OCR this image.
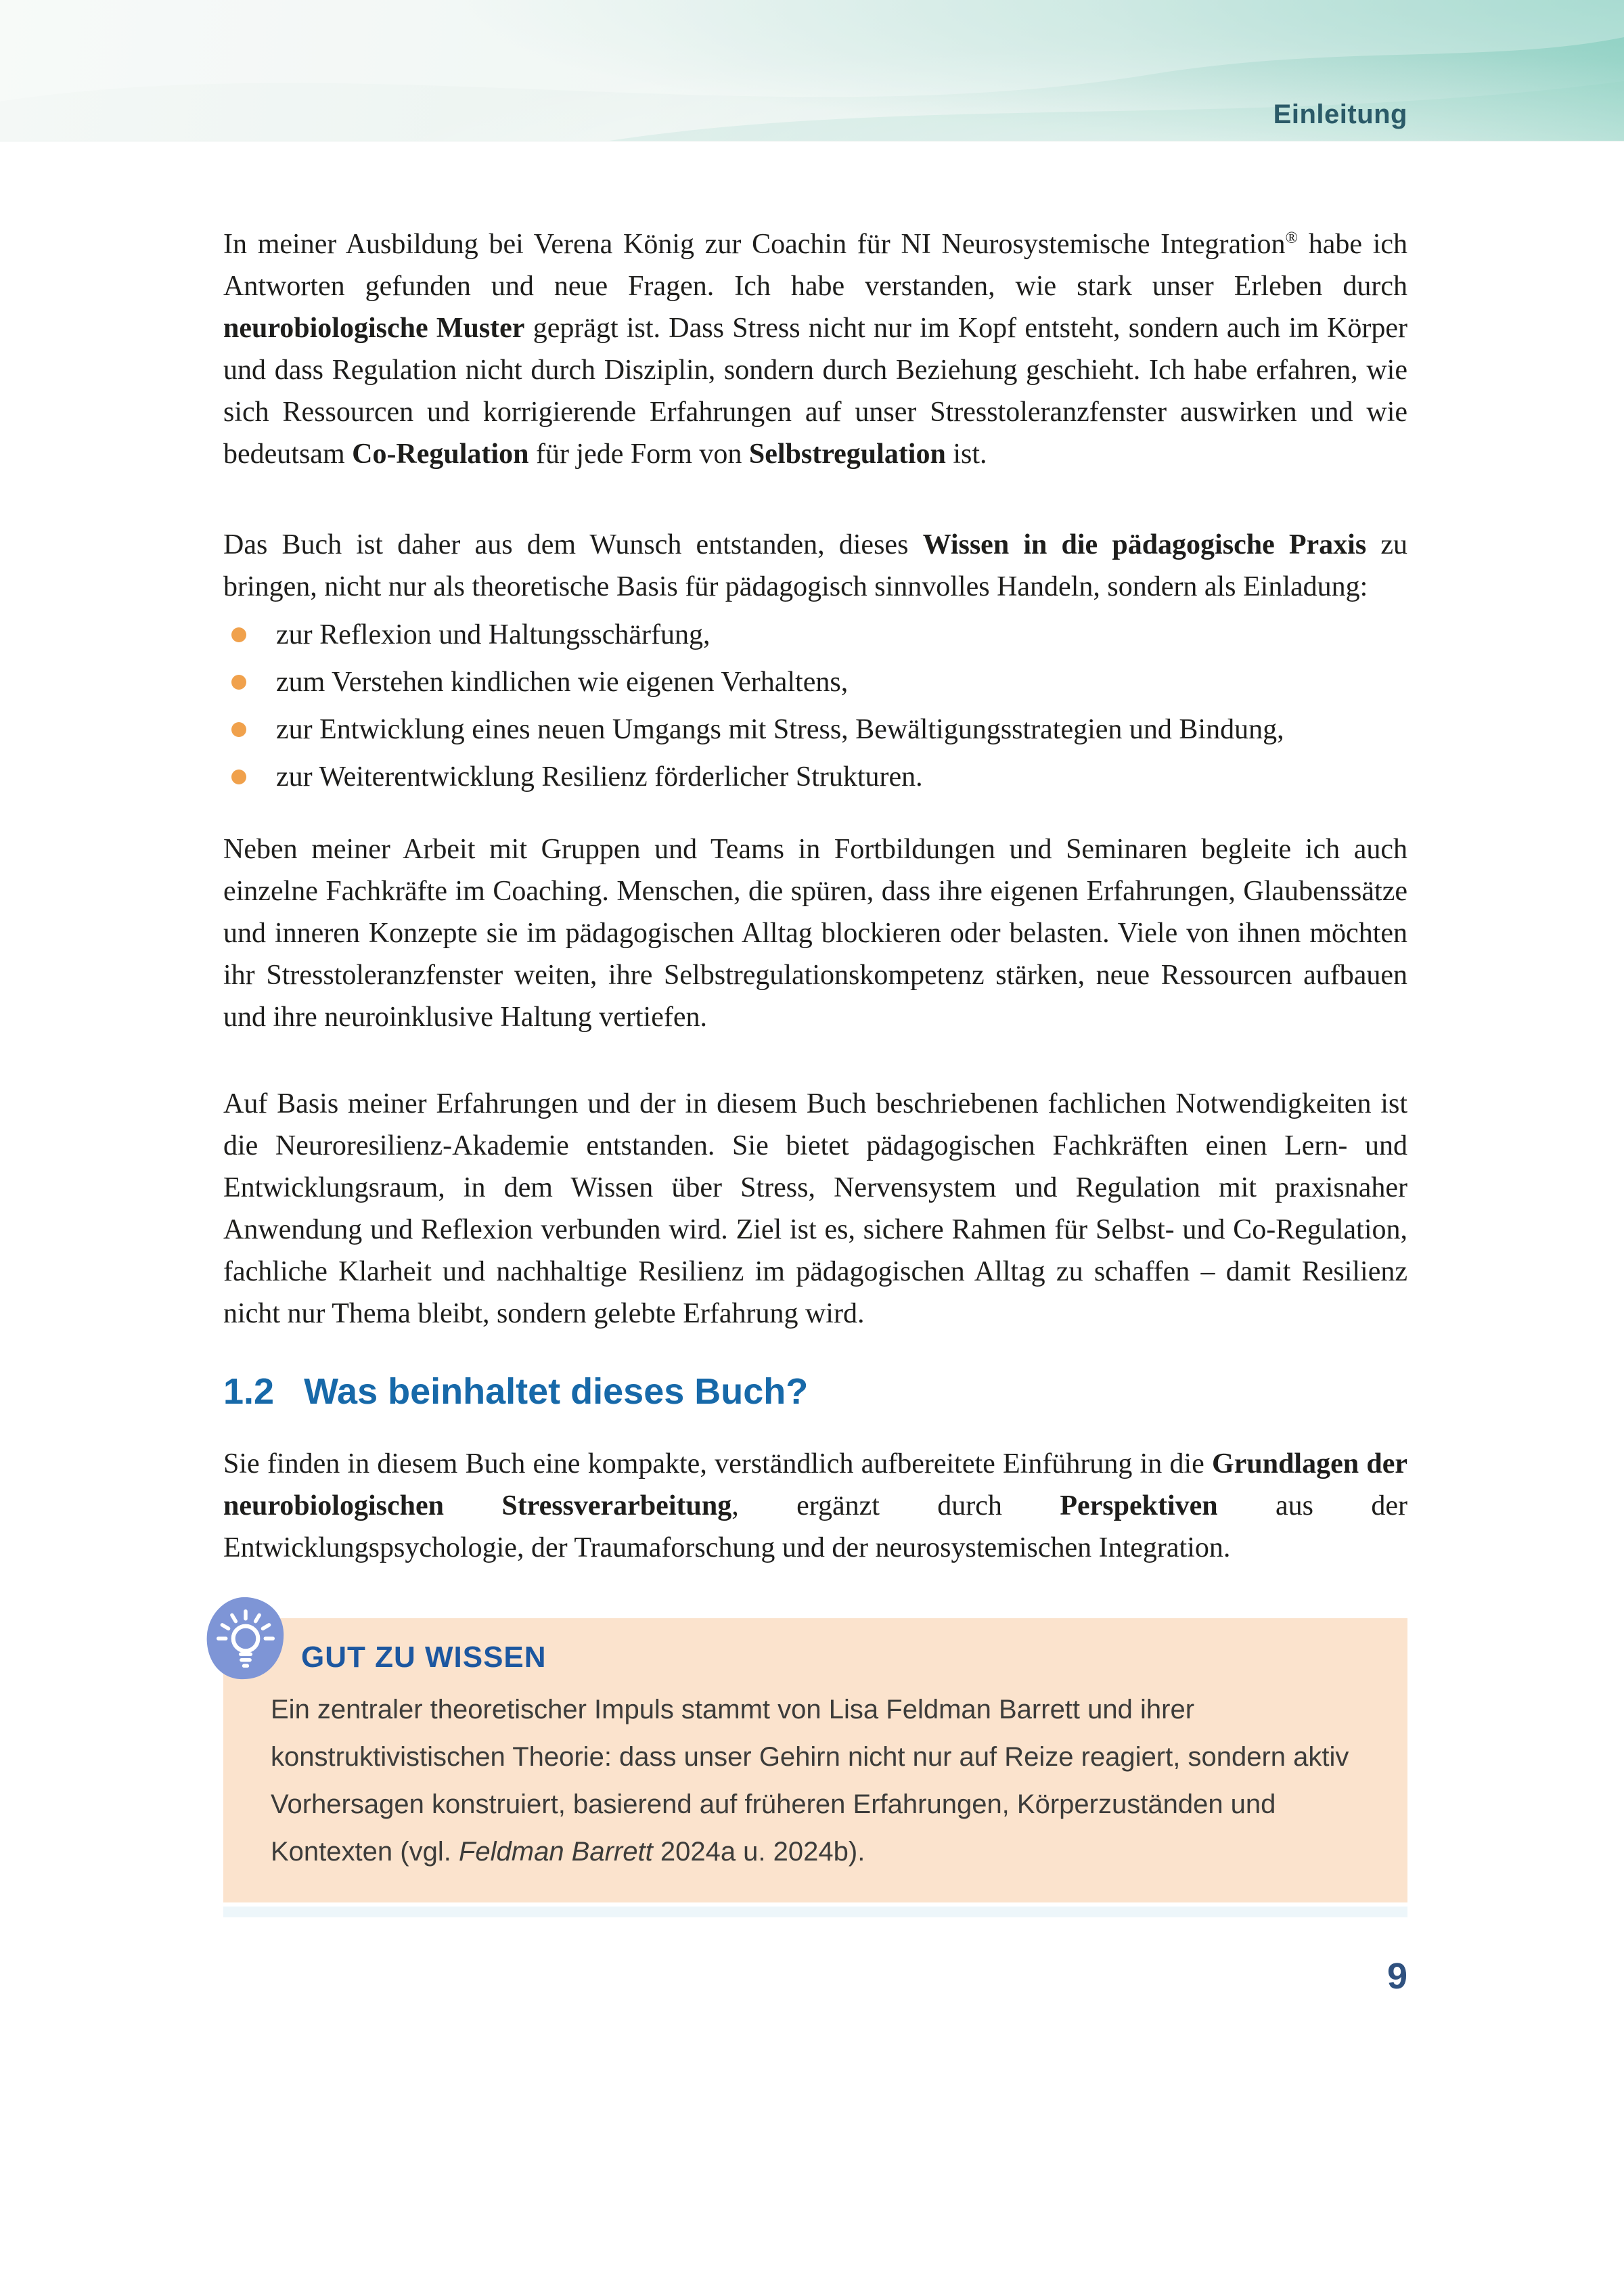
Einleitung

In meiner Ausbildung bei Verena König zur Coachin für NI Neurosystemische Integration® habe ich Antworten gefunden und neue Fragen. Ich habe verstanden, wie stark unser Erleben durch neurobiologische Muster geprägt ist. Dass Stress nicht nur im Kopf entsteht, sondern auch im Körper und dass Regulation nicht durch Disziplin, sondern durch Beziehung geschieht. Ich habe erfahren, wie sich Ressourcen und korrigierende Erfahrungen auf unser Stresstoleranzfenster auswirken und wie bedeutsam Co-Regulation für jede Form von Selbstregulation ist.

Das Buch ist daher aus dem Wunsch entstanden, dieses Wissen in die pädagogische Praxis zu bringen, nicht nur als theoretische Basis für pädagogisch sinnvolles Handeln, sondern als Einladung:

zur Reflexion und Haltungsschärfung,
zum Verstehen kindlichen wie eigenen Verhaltens,
zur Entwicklung eines neuen Umgangs mit Stress, Bewältigungsstrategien und Bindung,
zur Weiterentwicklung Resilienz förderlicher Strukturen.

Neben meiner Arbeit mit Gruppen und Teams in Fortbildungen und Seminaren begleite ich auch einzelne Fachkräfte im Coaching. Menschen, die spüren, dass ihre eigenen Erfahrungen, Glaubenssätze und inneren Konzepte sie im pädagogischen Alltag blockieren oder belasten. Viele von ihnen möchten ihr Stresstoleranzfenster weiten, ihre Selbstregulationskompetenz stärken, neue Ressourcen aufbauen und ihre neuroinklusive Haltung vertiefen.

Auf Basis meiner Erfahrungen und der in diesem Buch beschriebenen fachlichen Notwendigkeiten ist die Neuroresilienz-Akademie entstanden. Sie bietet pädagogischen Fachkräften einen Lern- und Entwicklungsraum, in dem Wissen über Stress, Nervensystem und Regulation mit praxisnaher Anwendung und Reflexion verbunden wird. Ziel ist es, sichere Rahmen für Selbst- und Co-Regulation, fachliche Klarheit und nachhaltige Resilienz im pädagogischen Alltag zu schaffen – damit Resilienz nicht nur Thema bleibt, sondern gelebte Erfahrung wird.

1.2 Was beinhaltet dieses Buch?

Sie finden in diesem Buch eine kompakte, verständlich aufbereitete Einführung in die Grundlagen der neurobiologischen Stressverarbeitung, ergänzt durch Perspektiven aus der Entwicklungspsychologie, der Traumaforschung und der neurosystemischen Integration.

GUT ZU WISSEN

Ein zentraler theoretischer Impuls stammt von Lisa Feldman Barrett und ihrer konstruktivistischen Theorie: dass unser Gehirn nicht nur auf Reize reagiert, sondern aktiv Vorhersagen konstruiert, basierend auf früheren Erfahrungen, Körperzuständen und Kontexten (vgl. Feldman Barrett 2024a u. 2024b).

9
